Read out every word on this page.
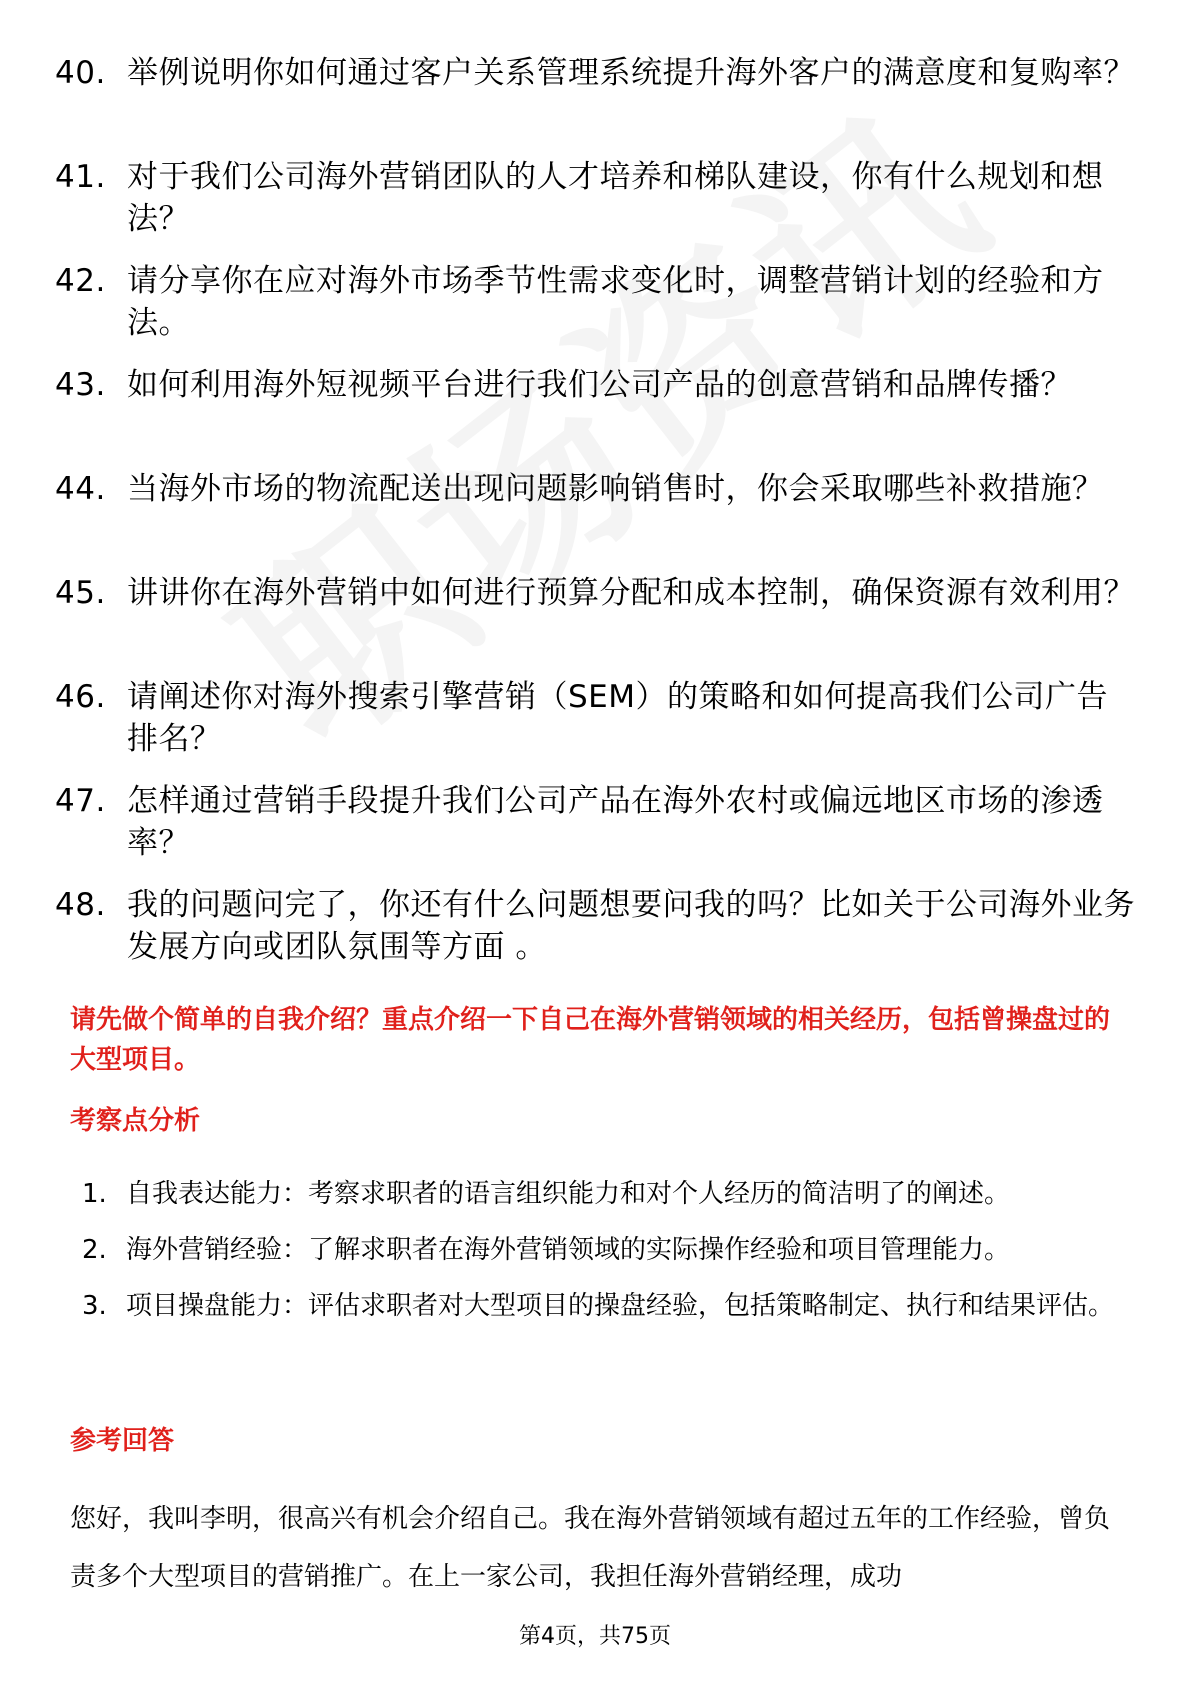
40. 举例说明你如何通过客户关系管理系统提升海外客户的满意度和复购率？
41. 对于我们公司海外营销团队的人才培养和梯队建设，你有什么规划和想法？
42. 请分享你在应对海外市场季节性需求变化时，调整营销计划的经验和方法。
43. 如何利用海外短视频平台进行我们公司产品的创意营销和品牌传播？
44. 当海外市场的物流配送出现问题影响销售时，你会采取哪些补救措施？
45. 讲讲你在海外营销中如何进行预算分配和成本控制，确保资源有效利用？
46. 请阐述你对海外搜索引擎营销（SEM）的策略和如何提高我们公司广告排名？
47. 怎样通过营销手段提升我们公司产品在海外农村或偏远地区市场的渗透率？
48. 我的问题问完了，你还有什么问题想要问我的吗？比如关于公司海外业务发展方向或团队氛围等方面 。
请先做个简单的自我介绍？重点介绍一下自己在海外营销领域的相关经历，包括曾操盘过的大型项目。
考察点分析
1. 自我表达能力：考察求职者的语言组织能力和对个人经历的简洁明了的阐述。
2. 海外营销经验：了解求职者在海外营销领域的实际操作经验和项目管理能力。
3. 项目操盘能力：评估求职者对大型项目的操盘经验，包括策略制定、执行和结果评估。
参考回答

您好，我叫李明，很高兴有机会介绍自己。我在海外营销领域有超过五年的工作经验，曾负责多个大型项目的营销推广。在上一家公司，我担任海外营销经理，成功

第4页，共75页
